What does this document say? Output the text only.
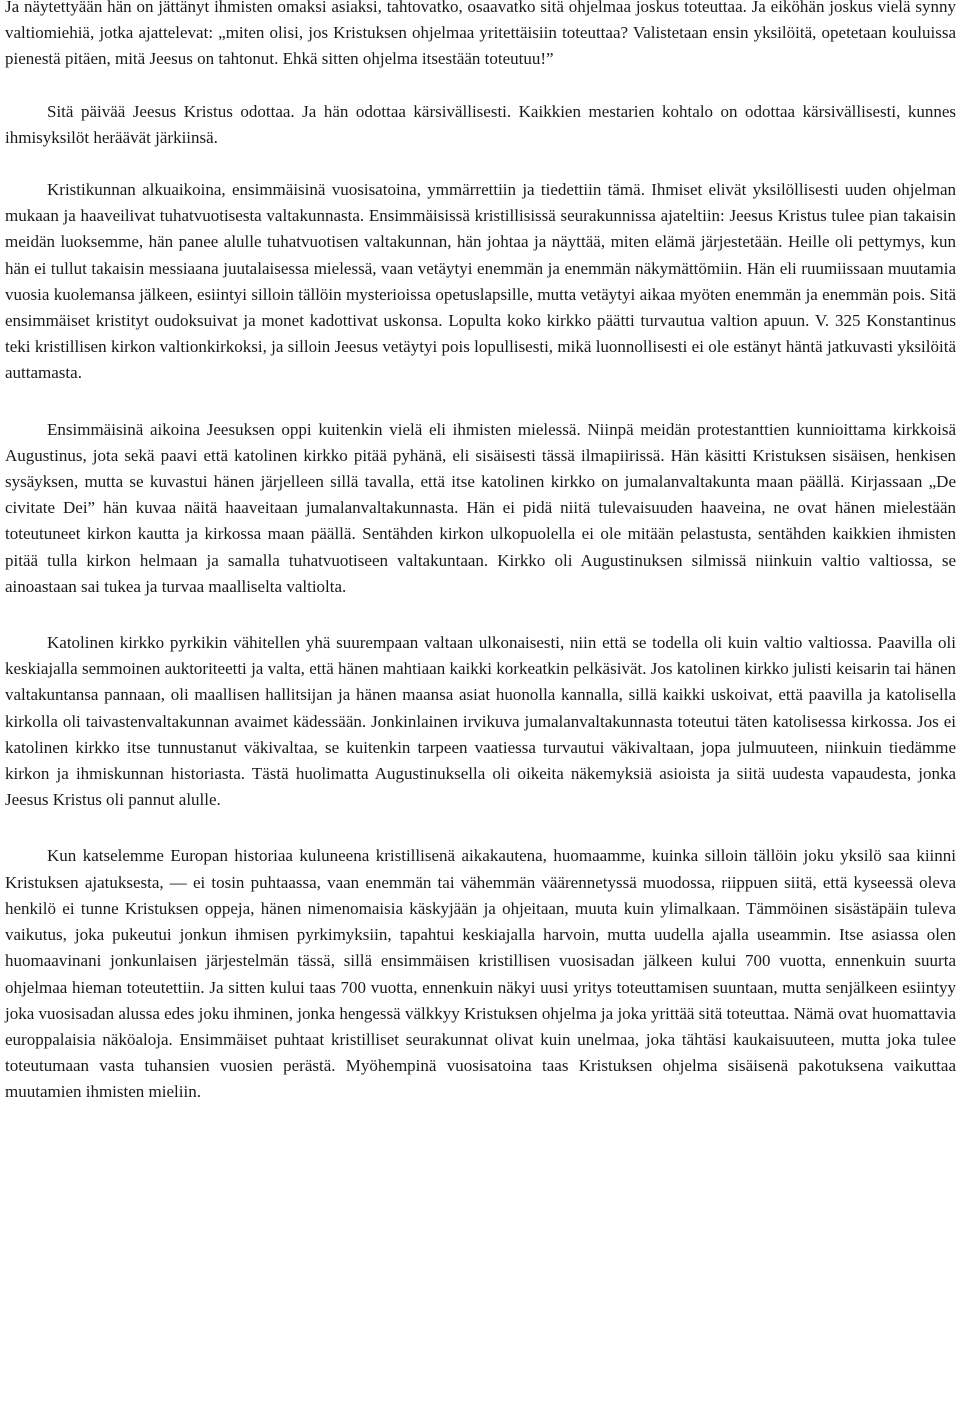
Ja näytettyään hän on jättänyt ihmisten omaksi asiaksi, tahtovatko, osaavatko sitä ohjelmaa joskus toteuttaa. Ja eiköhän joskus vielä synny valtiomiehiä, jotka ajattelevat: „miten olisi, jos Kristuksen ohjelmaa yritettäisiin toteuttaa? Valistetaan ensin yksilöitä, opetetaan kouluissa pienestä pitäen, mitä Jeesus on tahtonut. Ehkä sitten ohjelma itsestään toteutuu!”

Sitä päivää Jeesus Kristus odottaa. Ja hän odottaa kärsivällisesti. Kaikkien mestarien kohtalo on odottaa kärsivällisesti, kunnes ihmisyksilöt heräävät järkiinsä.

Kristikunnan alkuaikoina, ensimmäisinä vuosisatoina, ymmärrettiin ja tiedettiin tämä. Ihmiset elivät yksilöllisesti uuden ohjelman mukaan ja haaveilivat tuhatvuotisesta valtakunnasta. Ensimmäisissä kristillisissä seurakunnissa ajateltiin: Jeesus Kristus tulee pian takaisin meidän luoksemme, hän panee alulle tuhatvuotisen valtakunnan, hän johtaa ja näyttää, miten elämä järjestetään. Heille oli pettymys, kun hän ei tullut takaisin messiaana juutalaisessa mielessä, vaan vetäytyi enemmän ja enemmän näkymättömiin. Hän eli ruumiissaan muutamia vuosia kuolemansa jälkeen, esiintyi silloin tällöin mysterioissa opetuslapsille, mutta vetäytyi aikaa myöten enemmän ja enemmän pois. Sitä ensimmäiset kristityt oudoksuivat ja monet kadottivat uskonsa. Lopulta koko kirkko päätti turvautua valtion apuun. V. 325 Konstantinus teki kristillisen kirkon valtionkirkoksi, ja silloin Jeesus vetäytyi pois lopullisesti, mikä luonnollisesti ei ole estänyt häntä jatkuvasti yksilöitä auttamasta.

Ensimmäisinä aikoina Jeesuksen oppi kuitenkin vielä eli ihmisten mielessä. Niinpä meidän protestanttien kunnioittama kirkkoisä Augustinus, jota sekä paavi että katolinen kirkko pitää pyhänä, eli sisäisesti tässä ilmapiirissä. Hän käsitti Kristuksen sisäisen, henkisen sysäyksen, mutta se kuvastui hänen järjelleen sillä tavalla, että itse katolinen kirkko on jumalanvaltakunta maan päällä. Kirjassaan „De civitate Dei” hän kuvaa näitä haaveitaan jumalanvaltakunnasta. Hän ei pidä niitä tulevaisuuden haaveina, ne ovat hänen mielestään toteutuneet kirkon kautta ja kirkossa maan päällä. Sentähden kirkon ulkopuolella ei ole mitään pelastusta, sentähden kaikkien ihmisten pitää tulla kirkon helmaan ja samalla tuhatvuotiseen valtakuntaan. Kirkko oli Augustinuksen silmissä niinkuin valtio valtiossa, se ainoastaan sai tukea ja turvaa maalliselta valtiolta.

Katolinen kirkko pyrkikin vähitellen yhä suurempaan valtaan ulkonaisesti, niin että se todella oli kuin valtio valtiossa. Paavilla oli keskiajalla semmoinen auktoriteetti ja valta, että hänen mahtiaan kaikki korkeatkin pelkäsivät. Jos katolinen kirkko julisti keisarin tai hänen valtakuntansa pannaan, oli maallisen hallitsijan ja hänen maansa asiat huonolla kannalla, sillä kaikki uskoivat, että paavilla ja katolisella kirkolla oli taivastenvaltakunnan avaimet kädessään. Jonkinlainen irvikuva jumalanvaltakunnasta toteutui täten katolisessa kirkossa. Jos ei katolinen kirkko itse tunnustanut väkivaltaa, se kuitenkin tarpeen vaatiessa turvautui väkivaltaan, jopa julmuuteen, niinkuin tiedämme kirkon ja ihmiskunnan historiasta. Tästä huolimatta Augustinuksella oli oikeita näkemyksiä asioista ja siitä uudesta vapaudesta, jonka Jeesus Kristus oli pannut alulle.

Kun katselemme Europan historiaa kuluneena kristillisenä aikakautena, huomaamme, kuinka silloin tällöin joku yksilö saa kiinni Kristuksen ajatuksesta, — ei tosin puhtaassa, vaan enemmän tai vähemmän väärennetyssä muodossa, riippuen siitä, että kyseessä oleva henkilö ei tunne Kristuksen oppeja, hänen nimenomaisia käskyjään ja ohjeitaan, muuta kuin ylimalkaan. Tämmöinen sisästäpäin tuleva vaikutus, joka pukeutui jonkun ihmisen pyrkimyksiin, tapahtui keskiajalla harvoin, mutta uudella ajalla useammin. Itse asiassa olen huomaavinani jonkunlaisen järjestelmän tässä, sillä ensimmäisen kristillisen vuosisadan jälkeen kului 700 vuotta, ennenkuin suurta ohjelmaa hieman toteutettiin. Ja sitten kului taas 700 vuotta, ennenkuin näkyi uusi yritys toteuttamisen suuntaan, mutta senjälkeen esiintyy joka vuosisadan alussa edes joku ihminen, jonka hengessä välkkyy Kristuksen ohjelma ja joka yrittää sitä toteuttaa. Nämä ovat huomattavia europpalaisia näköaloja. Ensimmäiset puhtaat kristilliset seurakunnat olivat kuin unelmaa, joka tähtäsi kaukaisuuteen, mutta joka tulee toteutumaan vasta tuhansien vuosien perästä. Myöhempinä vuosisatoina taas Kristuksen ohjelma sisäisenä pakotuksena vaikuttaa muutamien ihmisten mieliin.
